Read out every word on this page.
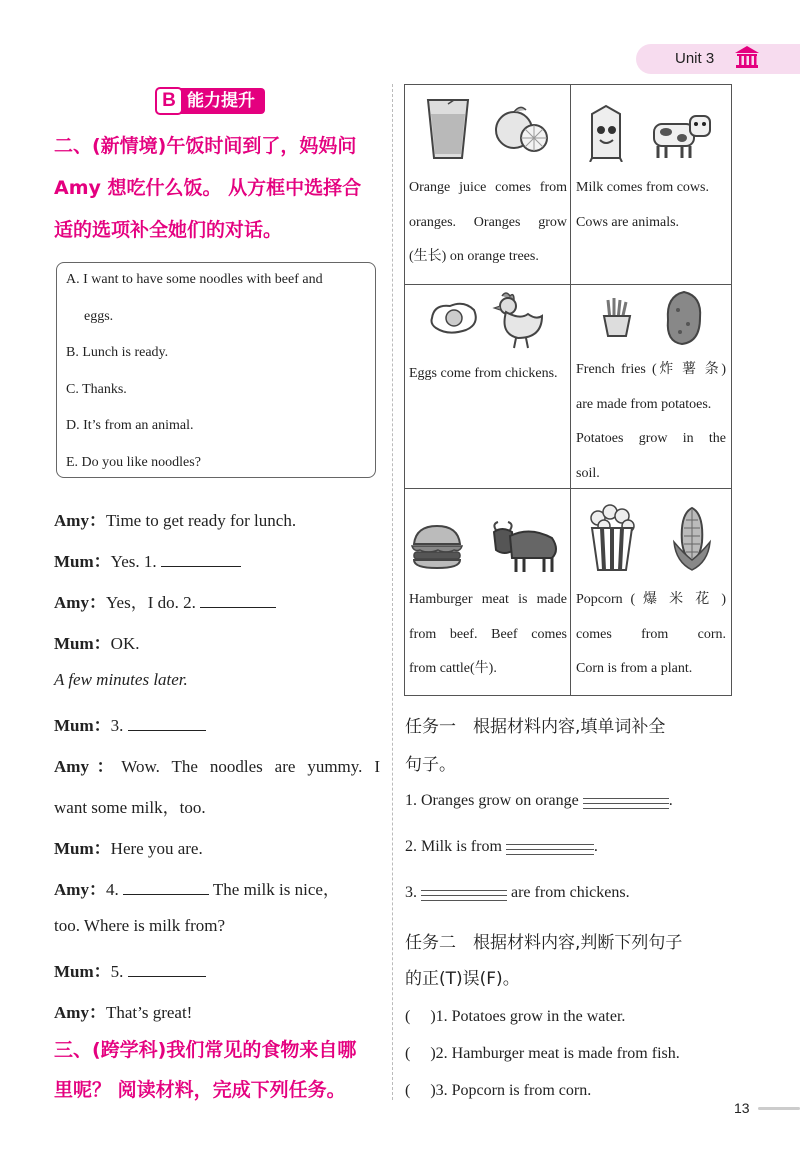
Unit 3
B 能力提升
二、(新情境)午饭时间到了，妈妈问
Amy 想吃什么饭。 从方框中选择合
适的选项补全她们的对话。
A. I want to have some noodles with beef and
eggs.
B. Lunch is ready.
C. Thanks.
D. It’s from an animal.
E. Do you like noodles?
Amy：Time to get ready for lunch.
Mum：Yes. 1.
Amy：Yes，I do. 2.
Mum：OK.
A few minutes later.
Mum：3.
Amy：Wow. The noodles are yummy. I
want some milk，too.
Mum：Here you are.
Amy：4.	The milk is nice，
too. Where is milk from?
Mum：5.
Amy：That’s great!
三、(跨学科)我们常见的食物来自哪
里呢？ 阅读材料，完成下列任务。
Orange juice comes from
oranges. Oranges grow
(生长) on orange trees.
Milk comes from cows.
Cows are animals.
Eggs come from chickens.	French fries (炸 薯 条)
are made from potatoes.
Potatoes grow in the
soil.
Hamburger meat is made
from beef. Beef comes
from cattle(牛).
Popcorn ( 爆 米 花 )
comes from corn.
Corn is from a plant.
任务一　根据材料内容,填单词补全
句子。
1. Oranges grow on orange	.
2. Milk is from	.
3.	are from chickens.
任务二　根据材料内容,判断下列句子
的正(T)误(F)。
(　 )1. Potatoes grow in the water.
(　 )2. Hamburger meat is made from fish.
(　 )3. Popcorn is from corn.
13
